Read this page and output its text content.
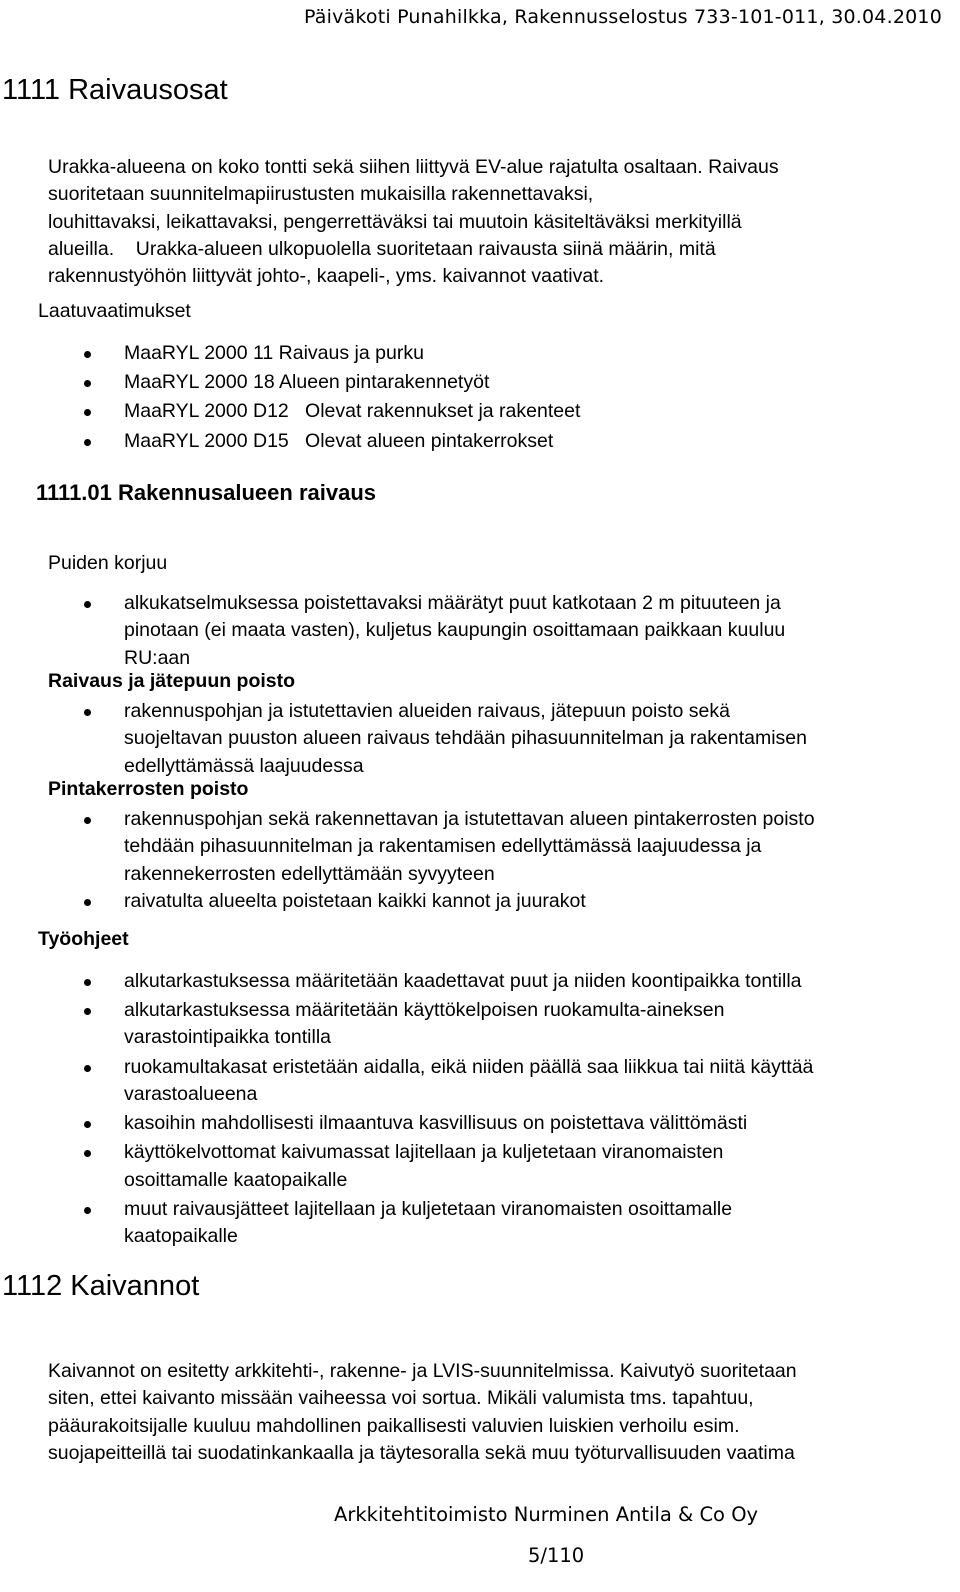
Päiväkoti Punahilkka, Rakennusselostus 733-101-011, 30.04.2010
1111 Raivausosat
Urakka-alueena on koko tontti sekä siihen liittyvä EV-alue rajatulta osaltaan. Raivaus
suoritetaan suunnitelmapiirustusten mukaisilla rakennettavaksi,
louhittavaksi, leikattavaksi, pengerrettäväksi tai muutoin käsiteltäväksi merkityillä
alueilla.    Urakka-alueen ulkopuolella suoritetaan raivausta siinä määrin, mitä
rakennustyöhön liittyvät johto-, kaapeli-, yms. kaivannot vaativat.
Laatuvaatimukset
MaaRYL 2000 11 Raivaus ja purku
MaaRYL 2000 18 Alueen pintarakennetyöt
MaaRYL 2000 D12   Olevat rakennukset ja rakenteet
MaaRYL 2000 D15   Olevat alueen pintakerrokset
1111.01 Rakennusalueen raivaus
Puiden korjuu
alkukatselmuksessa poistettavaksi määrätyt puut katkotaan 2 m pituuteen ja
pinotaan (ei maata vasten), kuljetus kaupungin osoittamaan paikkaan kuuluu
RU:aan
Raivaus ja jätepuun poisto
rakennuspohjan ja istutettavien alueiden raivaus, jätepuun poisto sekä
suojeltavan puuston alueen raivaus tehdään pihasuunnitelman ja rakentamisen
edellyttämässä laajuudessa
Pintakerrosten poisto
rakennuspohjan sekä rakennettavan ja istutettavan alueen pintakerrosten poisto
tehdään pihasuunnitelman ja rakentamisen edellyttämässä laajuudessa ja
rakennekerrosten edellyttämään syvyyteen
raivatulta alueelta poistetaan kaikki kannot ja juurakot
Työohjeet
alkutarkastuksessa määritetään kaadettavat puut ja niiden koontipaikka tontilla
alkutarkastuksessa määritetään käyttökelpoisen ruokamulta-aineksen
varastointipaikka tontilla
ruokamultakasat eristetään aidalla, eikä niiden päällä saa liikkua tai niitä käyttää
varastoalueena
kasoihin mahdollisesti ilmaantuva kasvillisuus on poistettava välittömästi
käyttökelvottomat kaivumassat lajitellaan ja kuljetetaan viranomaisten
osoittamalle kaatopaikalle
muut raivausjätteet lajitellaan ja kuljetetaan viranomaisten osoittamalle
kaatopaikalle
1112 Kaivannot
Kaivannot on esitetty arkkitehti-, rakenne- ja LVIS-suunnitelmissa. Kaivutyö suoritetaan
siten, ettei kaivanto missään vaiheessa voi sortua. Mikäli valumista tms. tapahtuu,
pääurakoitsijalle kuuluu mahdollinen paikallisesti valuvien luiskien verhoilu esim.
suojapeitteillä tai suodatinkankaalla ja täytesoralla sekä muu työturvallisuuden vaatima
Arkkitehtitoimisto Nurminen Antila & Co Oy
5/110
